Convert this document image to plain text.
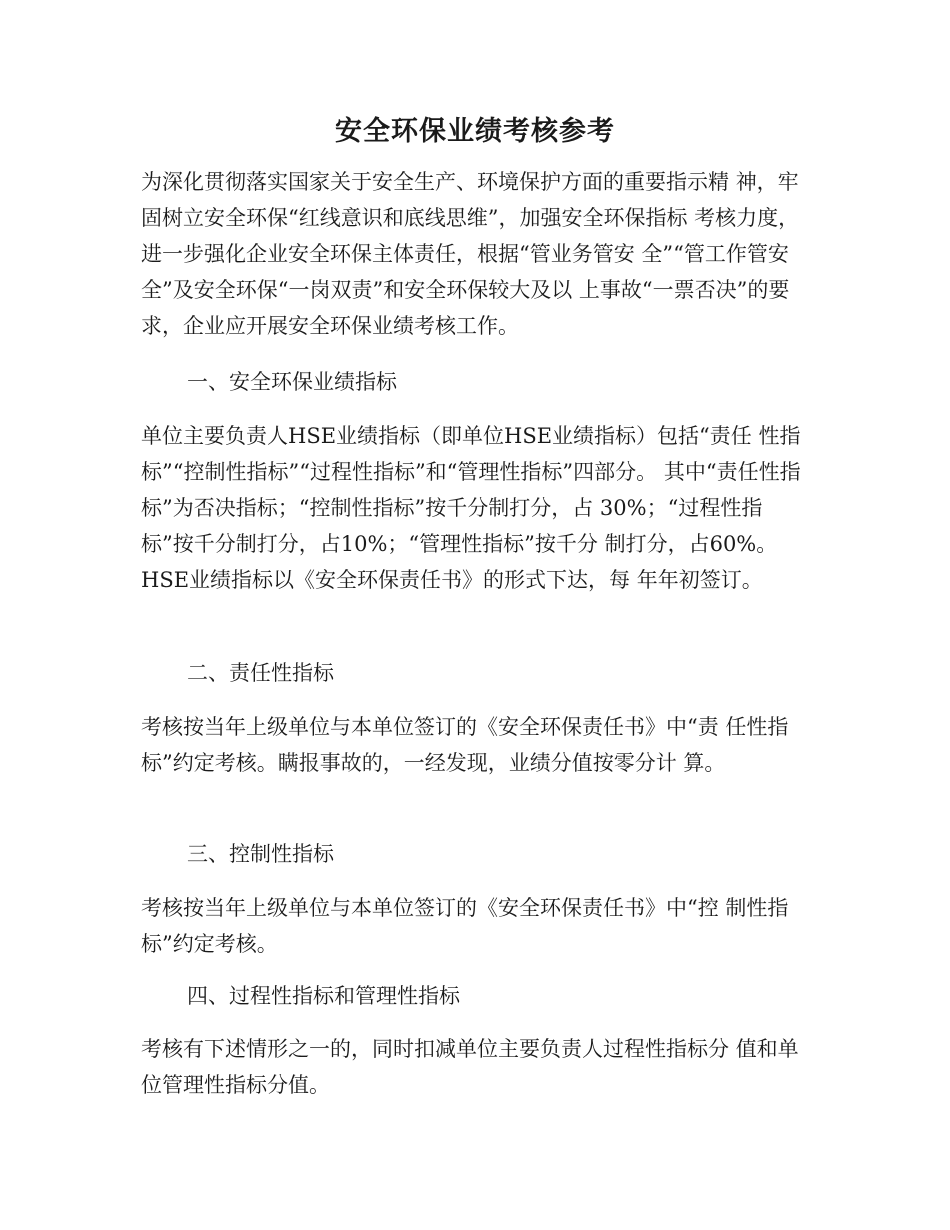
安全环保业绩考核参考
为深化贯彻落实国家关于安全生产、环境保护方面的重要指示精 神，牢固树立安全环保“红线意识和底线思维”，加强安全环保指标 考核力度，进一步强化企业安全环保主体责任，根据“管业务管安 全”“管工作管安全”及安全环保“一岗双责”和安全环保较大及以 上事故“一票否决”的要求，企业应开展安全环保业绩考核工作。
一、安全环保业绩指标
单位主要负责人HSE业绩指标（即单位HSE业绩指标）包括“责任 性指标”“控制性指标”“过程性指标”和“管理性指标”四部分。 其中“责任性指标”为否决指标；“控制性指标”按千分制打分，占 30%；“过程性指标”按千分制打分，占10%；“管理性指标”按千分 制打分，占60%。HSE业绩指标以《安全环保责任书》的形式下达，每 年年初签订。
二、责任性指标
考核按当年上级单位与本单位签订的《安全环保责任书》中“责 任性指标”约定考核。瞒报事故的，一经发现，业绩分值按零分计 算。
三、控制性指标
考核按当年上级单位与本单位签订的《安全环保责任书》中“控 制性指标”约定考核。
四、过程性指标和管理性指标
考核有下述情形之一的，同时扣减单位主要负责人过程性指标分 值和单位管理性指标分值。
